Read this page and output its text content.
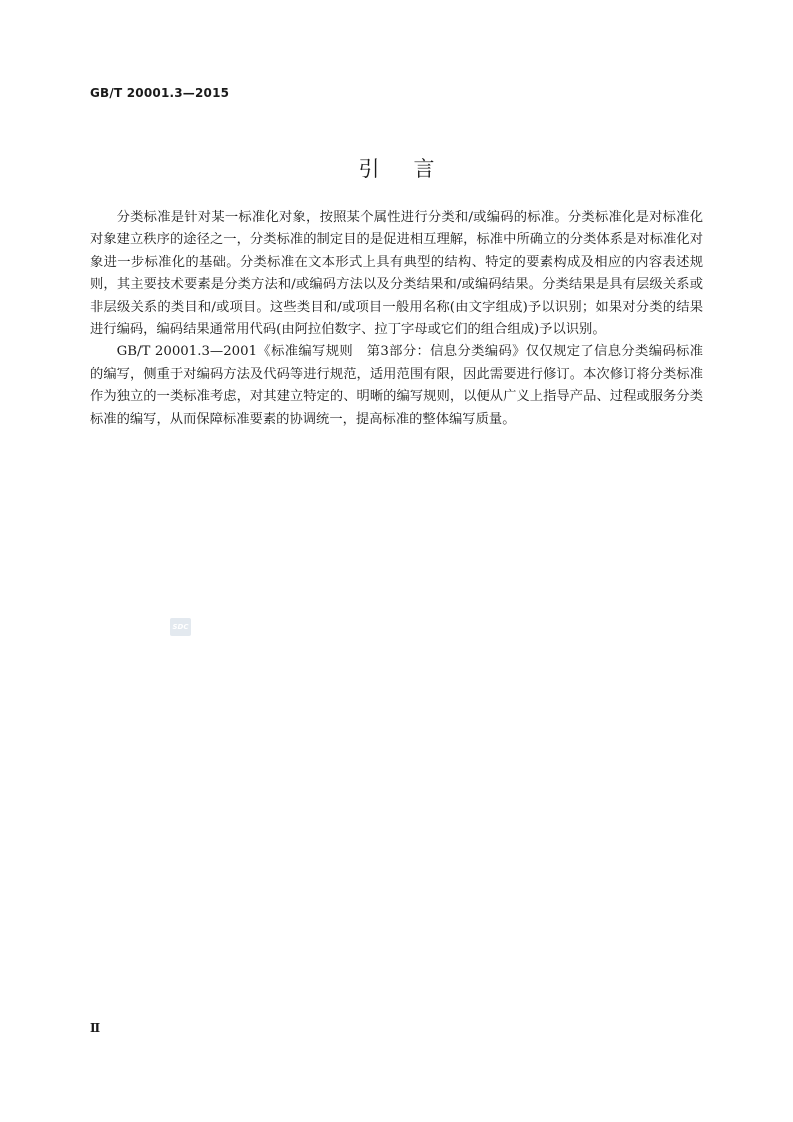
GB/T 20001.3—2015
引言

分类标准是针对某一标准化对象，按照某个属性进行分类和/或编码的标准。分类标准化是对标准化对象建立秩序的途径之一，分类标准的制定目的是促进相互理解，标准中所确立的分类体系是对标准化对象进一步标准化的基础。分类标准在文本形式上具有典型的结构、特定的要素构成及相应的内容表述规则，其主要技术要素是分类方法和/或编码方法以及分类结果和/或编码结果。分类结果是具有层级关系或非层级关系的类目和/或项目。这些类目和/或项目一般用名称(由文字组成)予以识别；如果对分类的结果进行编码，编码结果通常用代码(由阿拉伯数字、拉丁字母或它们的组合组成)予以识别。

GB/T 20001.3—2001《标准编写规则　第3部分：信息分类编码》仅仅规定了信息分类编码标准的编写，侧重于对编码方法及代码等进行规范，适用范围有限，因此需要进行修订。本次修订将分类标准作为独立的一类标准考虑，对其建立特定的、明晰的编写规则，以便从广义上指导产品、过程或服务分类标准的编写，从而保障标准要素的协调统一，提高标准的整体编写质量。

SDC
Ⅱ
